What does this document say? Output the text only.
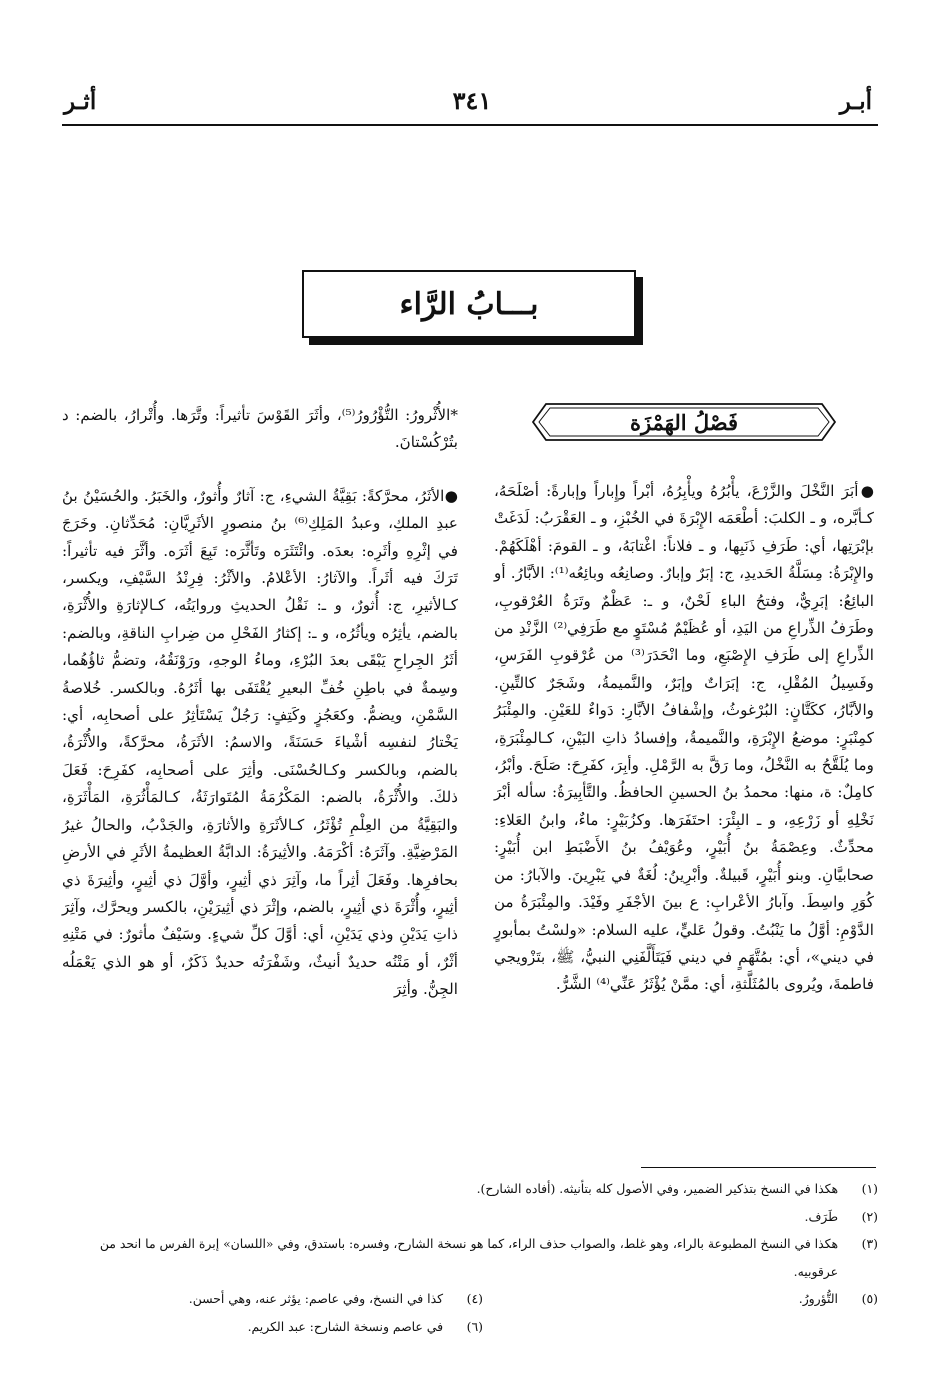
أبـر
٣٤١
أثـر
بـــابُ الرَّاء
فَصْلُ الهَمْزَة

●أبَرَ النَّخْلَ والزَّرْعَ، يأْبُرُهُ ويأْبِرُهُ، أبْراً وإِباراً وإبارةً: أصْلَحَهُ، كـأبَّره، و ـ الكلبَ: أطْعَمَه الإِبْرَةَ في الخُبْزِ، و ـ العَقْرَبُ: لَدَغَتْ بإبْرَتِها، أي: طَرَفِ ذَنَبِها، و ـ فلاناً: اغْتابَهُ، و ـ القومَ: أهْلَكَهُمْ. والإِبْرَةُ: مِسَلَّةُ الحَديدِ، ج: إبَرٌ وإبارٌ. وصانِعُه وبائِعُه⁽¹⁾: الأبَّارُ. أو البائِعُ: إبَرِيٌّ، وفتحُ الباءِ لَحْنٌ، و ـ: عَظْمٌ وتَرَةُ العُرْقوبِ، وطَرَفُ الذِّراعِ من اليَدِ، أو عُظَيْمٌ مُسْتَوٍ مع طَرَفِي⁽²⁾ الزَّنْدِ من الذِّراعِ إلى طَرَفِ الإِصْبَعِ، وما انْحَدَرَ⁽³⁾ من عُرْقوبِ الفَرَسِ، وفَسِيلُ المُقْلِ، ج: إبَرَاتٌ وإبَرٌ، والنَّميمةُ، وشَجَرٌ كالتِّينِ. والأبَّارُ، ككَتَّانٍ: البُرْغوثُ، وإشْفافُ الأبَّارِ: دَواءٌ للعَيْنِ. والمِئْبَرُ كمِنْبَرٍ: موضعُ الإِبْرَةِ، والنَّميمةُ، وإفسادُ ذاتِ البَيْنِ، كـالمِئْبَرَةِ، وما يُلَقَّحُ به النَّخْلُ، وما رَقَّ به الرَّمْلِ. وأبِرَ، كفَرِحَ: صَلَحَ. وأبْرُ، كامِلٌ: ة، منها: محمدُ بنُ الحسينِ الحافظُ. والتَّأبِيرَةُ: سأله أبْرَ نَخْلِهِ أو زَرْعِهِ، و ـ البِئْرَ: احتَفَرَها. وكزُبَيْرٍ: ماءٌ، وابنُ العَلاءِ: محدِّثٌ. وعِصْمَةُ بنُ أُبَيْرٍ، وعُوَيْفُ بنُ الأَضْبَطِ ابن أُبَيْرٍ: صحابيَّانِ. وبنو أُبَيْرٍ، قَبيلةٌ. وأبْرِينُ: لُغَةٌ في يَبْرِينَ. والآبارُ: من كُوَرِ واسِطَ. وآبارُ الأعْرابِ: ع بينَ الأجْفَرِ وفَيْدَ. والمِئْبَرَةُ من الدَّوْمِ: أوَّلُ ما يَنْبُتُ. وقولُ عَليٍّ، عليه السلام: «ولسْتُ بمأبورٍ في ديني»، أي: بمُتَّهَمٍ في ديني فَيَتَأَلَّفَنِي النبيُّ، ﷺ، بتَزْويجي فاطمةَ، ويُروى بالمُثَلَّثةِ، أي: ممَّنْ يُؤْثَرُ عَنِّي⁽⁴⁾ الشَّرُّ.

*الأُثْرورُ: التُّؤْرُورُ⁽⁵⁾، وأثَرَ القَوْسَ تأثيراً: وتَّرَها. وأُتْرارُ، بالضم: د بتُرْكُسْتانَ.

●الأثَرُ، محرَّكةً: بَقِيَّةُ الشيءِ، ج: آثارٌ وأُثورٌ، والخَبَرُ. والحُسَيْنُ بنُ عبدِ الملكِ، وعبدُ المَلِكِ⁽⁶⁾ بنُ منصورٍ الأثَرِيَّانِ: مُحَدِّثانِ. وخَرَجَ في إثْرِهِ وأثَرِه: بعدَه. وائْتَثَرَه وتَأثَّرَه: تَبِعَ أثَرَه. وأثَّرَ فيه تأثيراً: تَرَكَ فيه أثَراً. والآثارُ: الأعْلامُ. والأثْرُ: فِرِنْدُ السَّيْفِ، ويكسر، كـالأثيرِ، ج: أُثورٌ، و ـ: نَقْلُ الحديثِ وروايَتُه، كـالإثارَةِ والأُثْرَةِ، بالضم، يأثِرُه ويأثُرُه، و ـ: إكثارُ الفَحْلِ من ضِرابِ الناقةِ، وبالضم: أثَرُ الجِراحِ يَبْقَى بعدَ البُرْءِ، وماءُ الوجهِ، ورَوْنَقُهُ، وتضمُّ ثاؤُهُما، وسِمةٌ في باطِنِ خُفِّ البعيرِ يُقْتَفَى بها أثَرُهُ. وبالكسر. خُلاصةُ السَّمْنِ، ويضمُّ. وكعَجُزٍ وكَتِفٍ: رَجُلٌ يَسْتَأثِرُ على أصحابِه، أي: يَخْتارُ لنفسِه أشْياءَ حَسَنَةً، والاسمُ: الأثَرَةُ، محرَّكةً، والأُثْرَةُ، بالضم، وبالكسر وكـالحُسْنَى. وأثِرَ على أصحابِه، كفَرِحَ: فَعَلَ ذلكَ. والأُثْرَةُ، بالضم: المَكْرُمَةُ المُتَوارَثَةُ، كـالمَأْثُرَةِ، المَأْثَرَةِ، والبَقِيَّةُ من العِلْمِ تُؤْثَرُ، كـالأثَرَةِ والأثارَةِ، والجَدْبُ، والحالُ غيرُ المَرْضِيَّةِ. وآثَرَهُ: أكْرَمَهُ. والأثِيرَةُ: الدابَّةُ العظيمةُ الأثَرِ في الأرضِ بحافرِها. وفَعَلَ أثِراً ما، وآثِرَ ذي أثِيرٍ، وأوَّلَ ذي أثِيرٍ، وأثِيرَةَ ذي أثِيرٍ، وأُثْرَةَ ذي أثِيرٍ، بالضم، وإثْرَ ذي أثِيرَيْنِ، بالكسر ويحرَّك، وآثِرَ ذاتِ يَدَيْنِ وذي يَدَيْنِ، أي: أوَّلَ كلِّ شيءٍ. وسَيْفٌ مأثورٌ: في مَتْنِهِ أثْرٌ، أو مَتْنُه حديدٌ أنيثٌ، وشَفْرَتُه حديدٌ ذَكَرٌ، أو هو الذي يَعْمَلُه الجِنُّ. وأثِرَ

(١)
هكذا في النسخ بتذكير الضمير، وفي الأصول كله بتأنيثه. (أفاده الشارح).
(٢)
طَرَف.
(٣)
هكذا في النسخ المطبوعة بالراء، وهو غلط، والصواب حذف الراء، كما هو نسخة الشارح، وفسره: باستدق، وفي «اللسان» إبرة الفرس ما انحد من عرقوبيه.
(٥)
التُّؤرورُ.
(٤)
كذا في النسخ، وفي عاصم: يؤثر عنه، وهي أحسن.
(٦)
في عاصم ونسخة الشارح: عبد الكريم.
